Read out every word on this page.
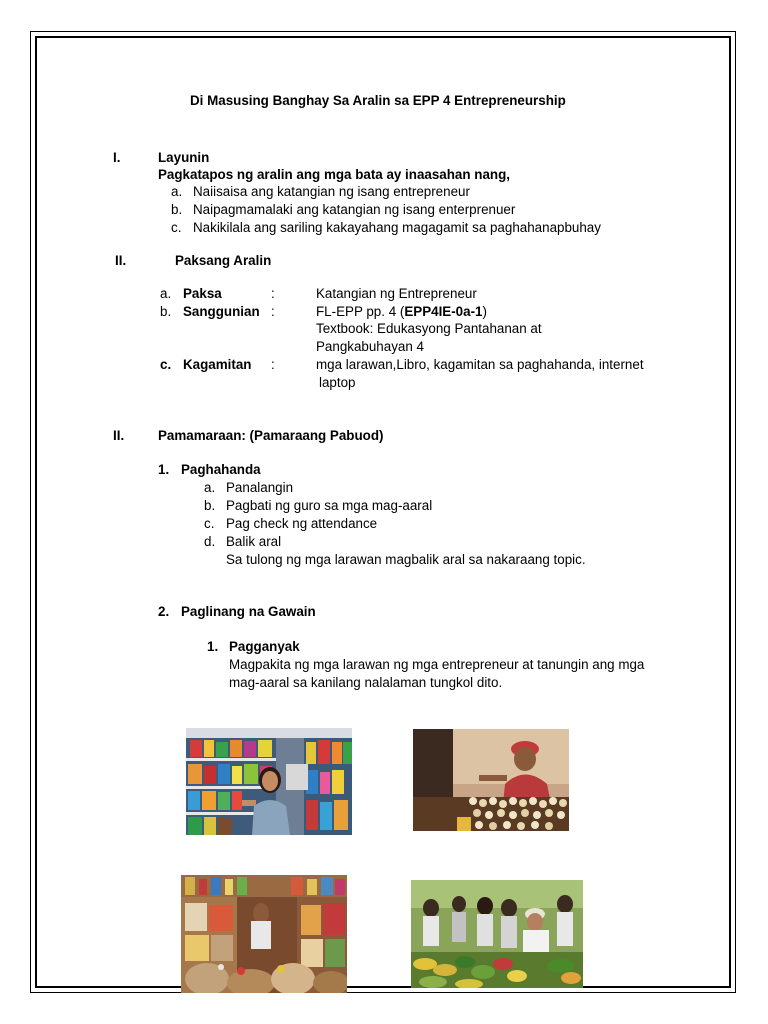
Di Masusing Banghay Sa Aralin sa EPP 4 Entrepreneurship
I.	Layunin
Pagkatapos ng aralin ang mga bata ay inaasahan nang,
a. Naiisaisa ang katangian ng isang entrepreneur
b. Naipagmamalaki ang katangian ng isang enterprenuer
c. Nakikilala ang sariling kakayahang magagamit sa paghahanapbuhay
II.	Paksang Aralin
a. Paksa	:	Katangian ng Entrepreneur
b. Sanggunian :	FL-EPP pp. 4 (EPP4IE-0a-1)
Textbook: Edukasyong Pantahanan at
Pangkabuhayan 4
c. Kagamitan :	mga larawan,Libro, kagamitan sa paghahanda, internet
laptop
II.	Pamamaraan: (Pamaraang Pabuod)
1. Paghahanda
a. Panalangin
b. Pagbati ng guro sa mga mag-aaral
c. Pag check ng attendance
d. Balik aral
Sa tulong ng mga larawan magbalik aral sa nakaraang topic.
2. Paglinang na Gawain
1. Pagganyak
Magpakita ng mga larawan ng mga entrepreneur at tanungin ang mga
mag-aaral sa kanilang nalalaman tungkol dito.
